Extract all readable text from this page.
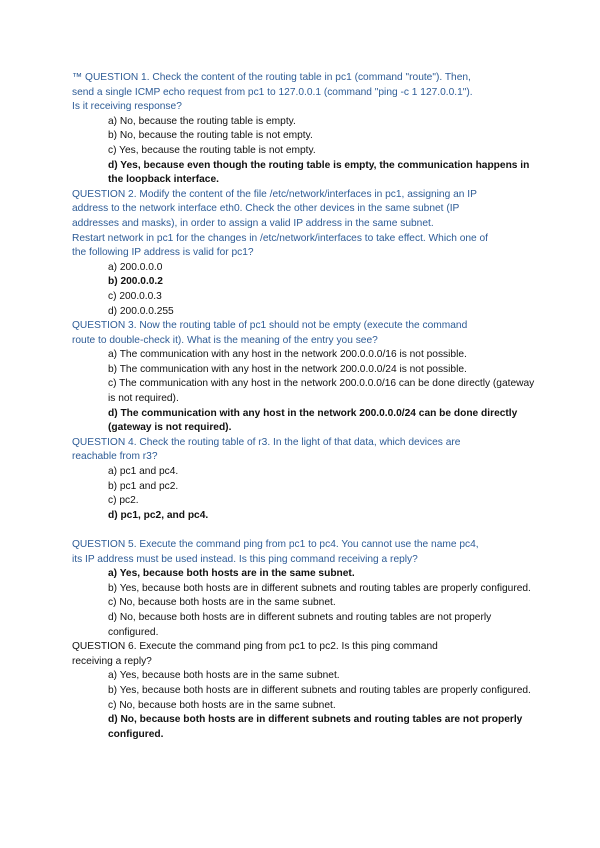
™ QUESTION 1. Check the content of the routing table in pc1 (command "route"). Then,
send a single ICMP echo request from pc1 to 127.0.0.1 (command "ping -c 1 127.0.0.1").
Is it receiving response?
a) No, because the routing table is empty.
b) No, because the routing table is not empty.
c) Yes, because the routing table is not empty.
d) Yes, because even though the routing table is empty, the communication happens in the loopback interface.
QUESTION 2. Modify the content of the file /etc/network/interfaces in pc1, assigning an IP
address to the network interface eth0. Check the other devices in the same subnet (IP
addresses and masks), in order to assign a valid IP address in the same subnet.
Restart network in pc1 for the changes in /etc/network/interfaces to take effect. Which one of
the following IP address is valid for pc1?
a) 200.0.0.0
b) 200.0.0.2
c) 200.0.0.3
d) 200.0.0.255
QUESTION 3. Now the routing table of pc1 should not be empty (execute the command
route to double-check it). What is the meaning of the entry you see?
a) The communication with any host in the network 200.0.0.0/16 is not possible.
b) The communication with any host in the network 200.0.0.0/24 is not possible.
c) The communication with any host in the network 200.0.0.0/16 can be done directly (gateway is not required).
d) The communication with any host in the network 200.0.0.0/24 can be done directly (gateway is not required).
QUESTION 4. Check the routing table of r3. In the light of that data, which devices are
reachable from r3?
a) pc1 and pc4.
b) pc1 and pc2.
c) pc2.
d) pc1, pc2, and pc4.
QUESTION 5. Execute the command ping from pc1 to pc4. You cannot use the name pc4,
its IP address must be used instead. Is this ping command receiving a reply?
a) Yes, because both hosts are in the same subnet.
b) Yes, because both hosts are in different subnets and routing tables are properly configured.
c) No, because both hosts are in the same subnet.
d) No, because both hosts are in different subnets and routing tables are not properly configured.
QUESTION 6. Execute the command ping from pc1 to pc2. Is this ping command
receiving a reply?
a) Yes, because both hosts are in the same subnet.
b) Yes, because both hosts are in different subnets and routing tables are properly configured.
c) No, because both hosts are in the same subnet.
d) No, because both hosts are in different subnets and routing tables are not properly configured.
